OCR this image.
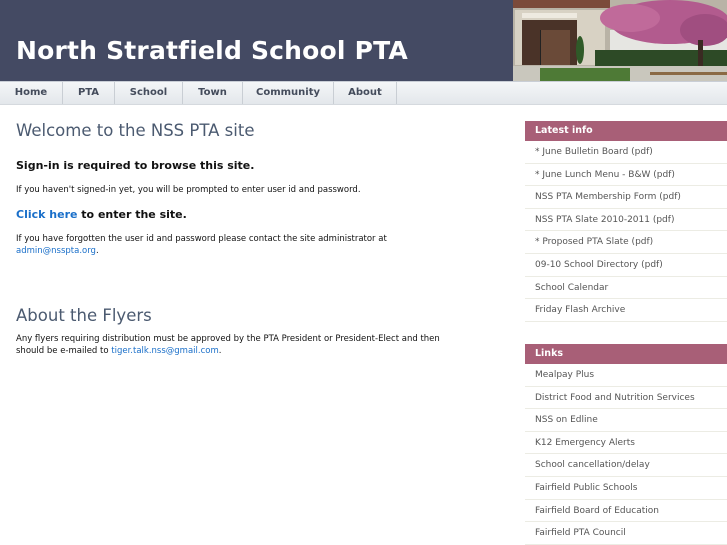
North Stratfield School PTA
Home	PTA	School	Town	Community	About
Welcome to the NSS PTA site
Sign-in is required to browse this site.
If you haven't signed-in yet, you will be prompted to enter user id and password.
Click here to enter the site.
If you have forgotten the user id and password please contact the site administrator at
admin@nsspta.org.
About the Flyers
Any flyers requiring distribution must be approved by the PTA President or President-Elect and then should be e-mailed to tiger.talk.nss@gmail.com.
Latest info
* June Bulletin Board (pdf)
* June Lunch Menu - B&W (pdf)
NSS PTA Membership Form (pdf)
NSS PTA Slate 2010-2011 (pdf)
* Proposed PTA Slate (pdf)
09-10 School Directory (pdf)
School Calendar
Friday Flash Archive
Links
Mealpay Plus
District Food and Nutrition Services
NSS on Edline
K12 Emergency Alerts
School cancellation/delay
Fairfield Public Schools
Fairfield Board of Education
Fairfield PTA Council
